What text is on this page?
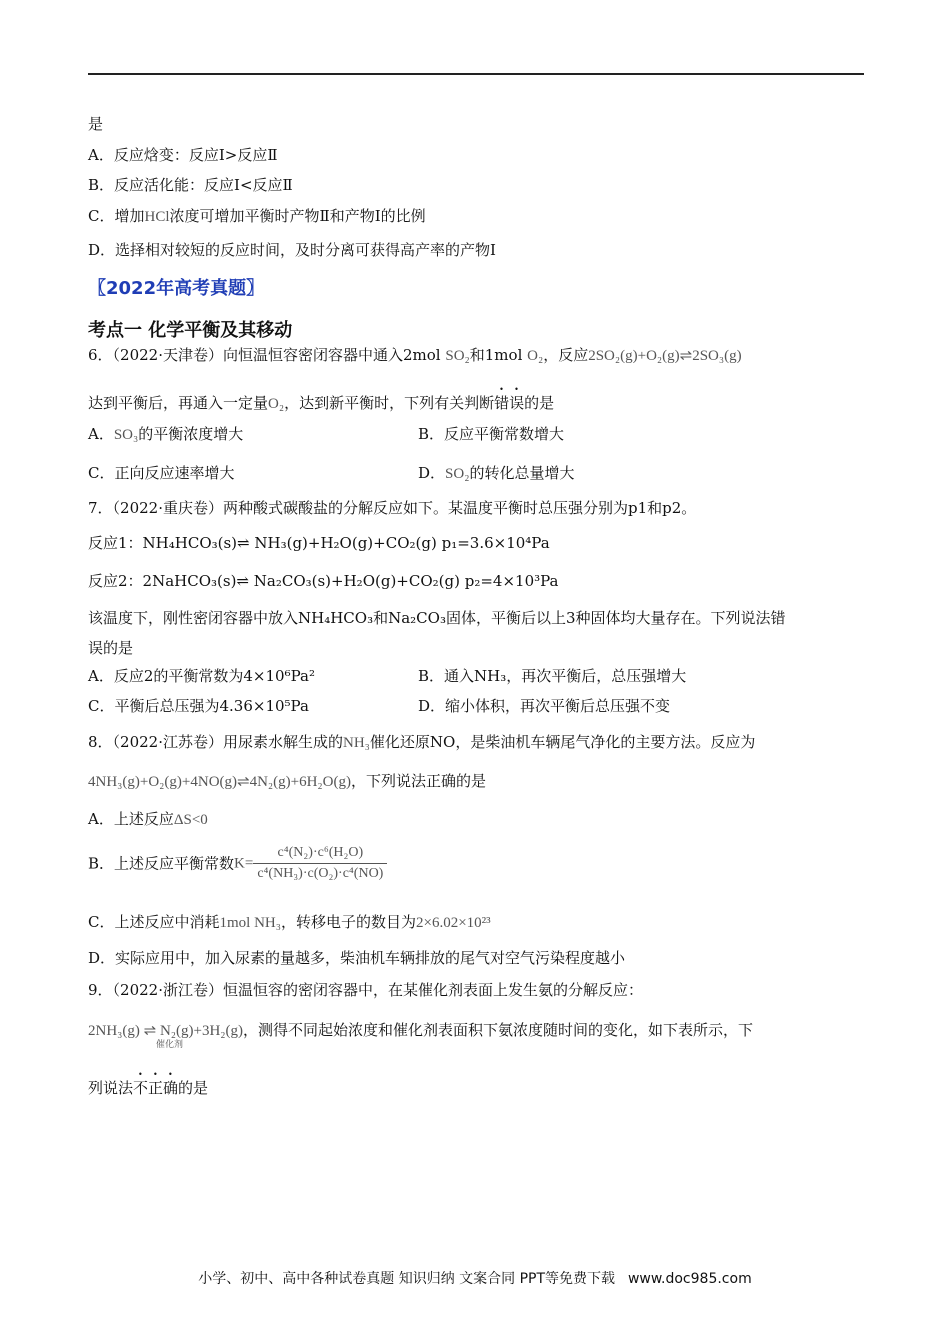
是
A．反应焓变：反应Ⅰ>反应Ⅱ
B．反应活化能：反应Ⅰ<反应Ⅱ
C．增加HCl浓度可增加平衡时产物Ⅱ和产物Ⅰ的比例
D．选择相对较短的反应时间，及时分离可获得高产率的产物Ⅰ
〖2022年高考真题〗
考点一 化学平衡及其移动
6．（2022·天津卷）向恒温恒容密闭容器中通入2mol SO₂和1mol O₂，反应2SO₂(g)+O₂(g)⇌2SO₃(g)
达到平衡后，再通入一定量O₂，达到新平衡时，下列有关判断错误的是
A．SO₃的平衡浓度增大	B．反应平衡常数增大
C．正向反应速率增大	D．SO₂的转化总量增大
7．（2022·重庆卷）两种酸式碳酸盐的分解反应如下。某温度平衡时总压强分别为p1和p2。
反应1：NH₄HCO₃(s)⇌ NH₃(g)+H₂O(g)+CO₂(g) p₁=3.6×10⁴Pa
反应2：2NaHCO₃(s)⇌ Na₂CO₃(s)+H₂O(g)+CO₂(g) p₂=4×10³Pa
该温度下，刚性密闭容器中放入NH₄HCO₃和Na₂CO₃固体，平衡后以上3种固体均大量存在。下列说法错
误的是
A．反应2的平衡常数为4×10⁶Pa²	B．通入NH₃，再次平衡后，总压强增大
C．平衡后总压强为4.36×10⁵Pa	D．缩小体积，再次平衡后总压强不变
8．（2022·江苏卷）用尿素水解生成的NH₃催化还原NO，是柴油机车辆尾气净化的主要方法。反应为
4NH₃(g)+O₂(g)+4NO(g)⇌4N₂(g)+6H₂O(g)，下列说法正确的是
A．上述反应ΔS<0
B．上述反应平衡常数$K= \frac{\text{c⁴(N₂)·c⁶(H₂O)}}{\text{c⁴(NH₃)·c(O₂)·c⁴(NO)}}$
C．上述反应中消耗1mol NH₃，转移电子的数目为2×6.02×10²³
D．实际应用中，加入尿素的量越多，柴油机车辆排放的尾气对空气污染程度越小
9．（2022·浙江卷）恒温恒容的密闭容器中，在某催化剂表面上发生氨的分解反应：
2NH₃(g) ⇌ N₂(g)+3H₂(g)
催化剂
，测得不同起始浓度和催化剂表面积下氨浓度随时间的变化，如下表所示，下
列说法不正确的是
小学、初中、高中各种试卷真题 知识归纳 文案合同 PPT等免费下载 www.doc985.com
